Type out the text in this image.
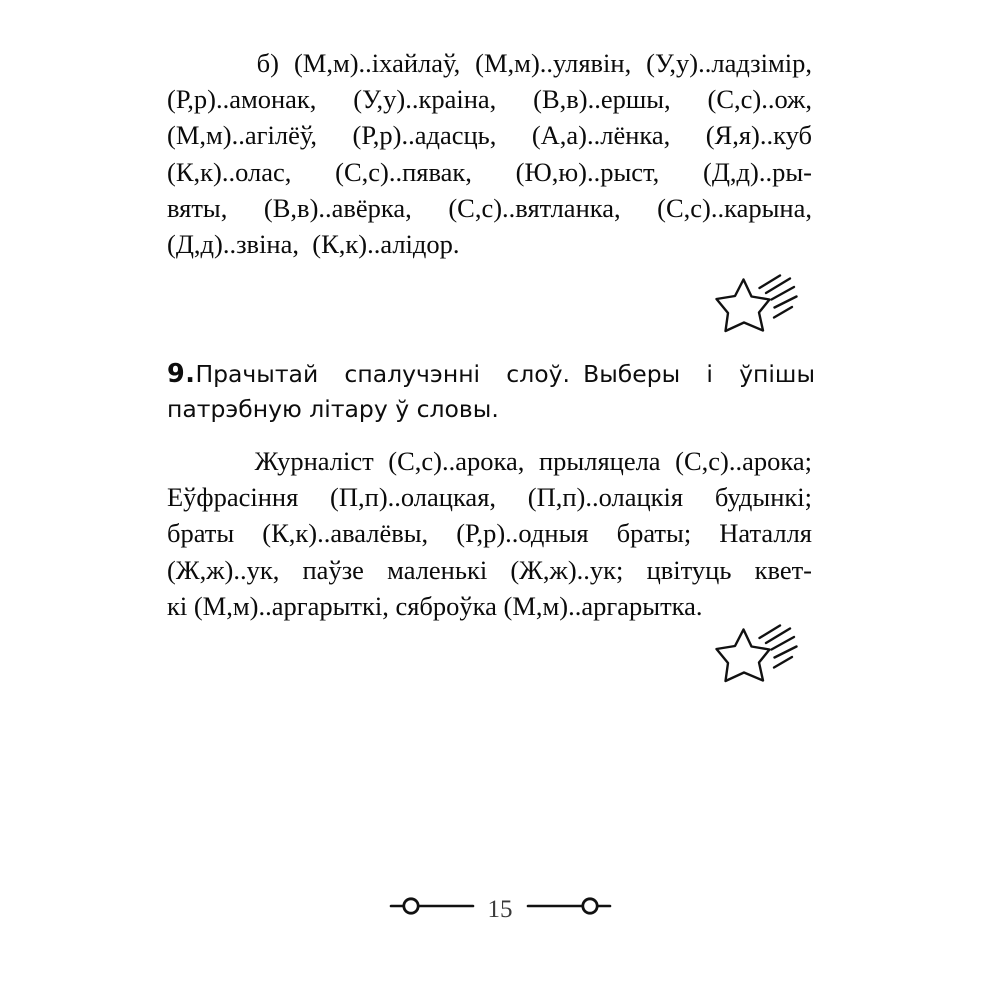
б) (М,м)..іхайлаў, (М,м)..улявін, (У,у)..ладзімір,
(Р,р)..амонак,  (У,у)..краіна,  (В,в)..ершы,  (С,с)..ож,
(М,м)..агілёў, (Р,р)..адасць, (А,а)..лёнка, (Я,я)..куб
(К,к)..олас,  (С,с)..пявак,  (Ю,ю)..рыст,  (Д,д)..ры-
вяты, (В,в)..авёрка, (С,с)..вятланка, (С,с)..карына,
(Д,д)..звіна,  (К,к)..алідор.
9.Прачытай  спалучэнні  слоў. Выберы  і  ўпішы
патрэбную літару ў словы.
Журналіст (С,с)..арока, прыляцела (С,с)..арока;
Еўфрасіння (П,п)..олацкая, (П,п)..олацкія будынкі;
браты (К,к)..авалёвы, (Р,р)..одныя браты; Наталля
(Ж,ж)..ук, паўзе маленькі (Ж,ж)..ук; цвітуць квет-
кі (М,м)..аргарыткі, сяброўка (М,м)..аргарытка.
15
